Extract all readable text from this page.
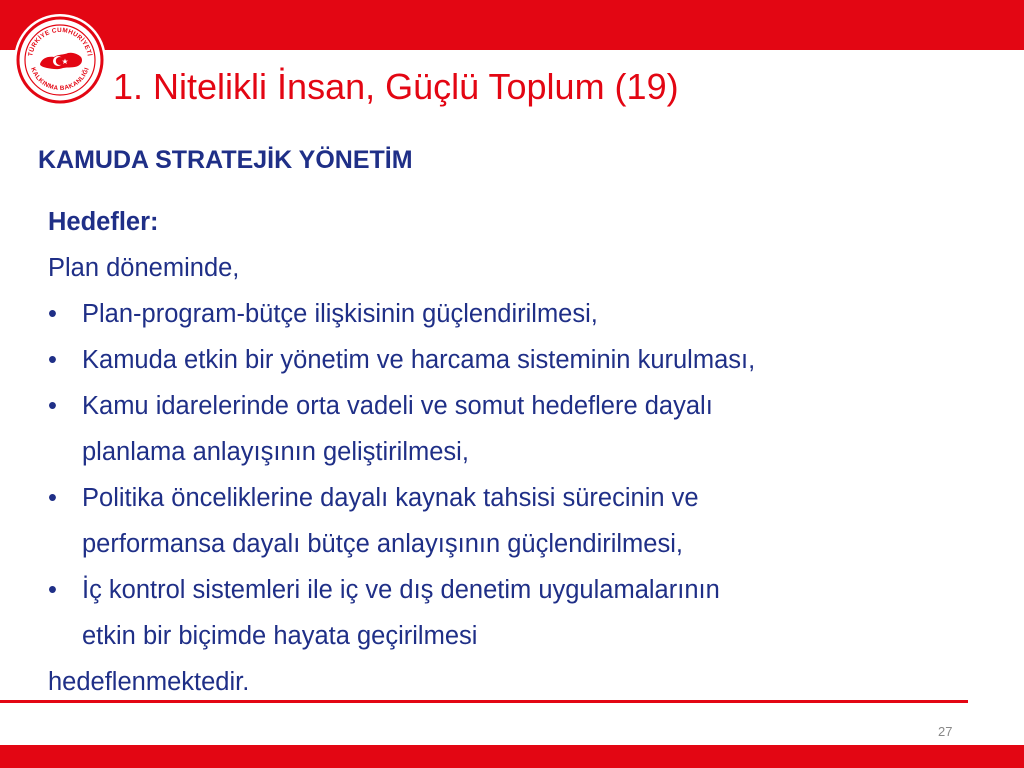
TÜRKİYE CUMHURİYETİ
KALKINMA BAKANLIĞI 1. Nitelikli İnsan, Güçlü Toplum (19)
KAMUDA STRATEJİK YÖNETİM
Hedefler:
Plan döneminde,
• Plan-program-bütçe ilişkisinin güçlendirilmesi,
• Kamuda etkin bir yönetim ve harcama sisteminin kurulması,
• Kamu idarelerinde orta vadeli ve somut hedeflere dayalı
planlama anlayışının geliştirilmesi,
• Politika önceliklerine dayalı kaynak tahsisi sürecinin ve
performansa dayalı bütçe anlayışının güçlendirilmesi,
• İç kontrol sistemleri ile iç ve dış denetim uygulamalarının
etkin bir biçimde hayata geçirilmesi
hedeflenmektedir.
27
